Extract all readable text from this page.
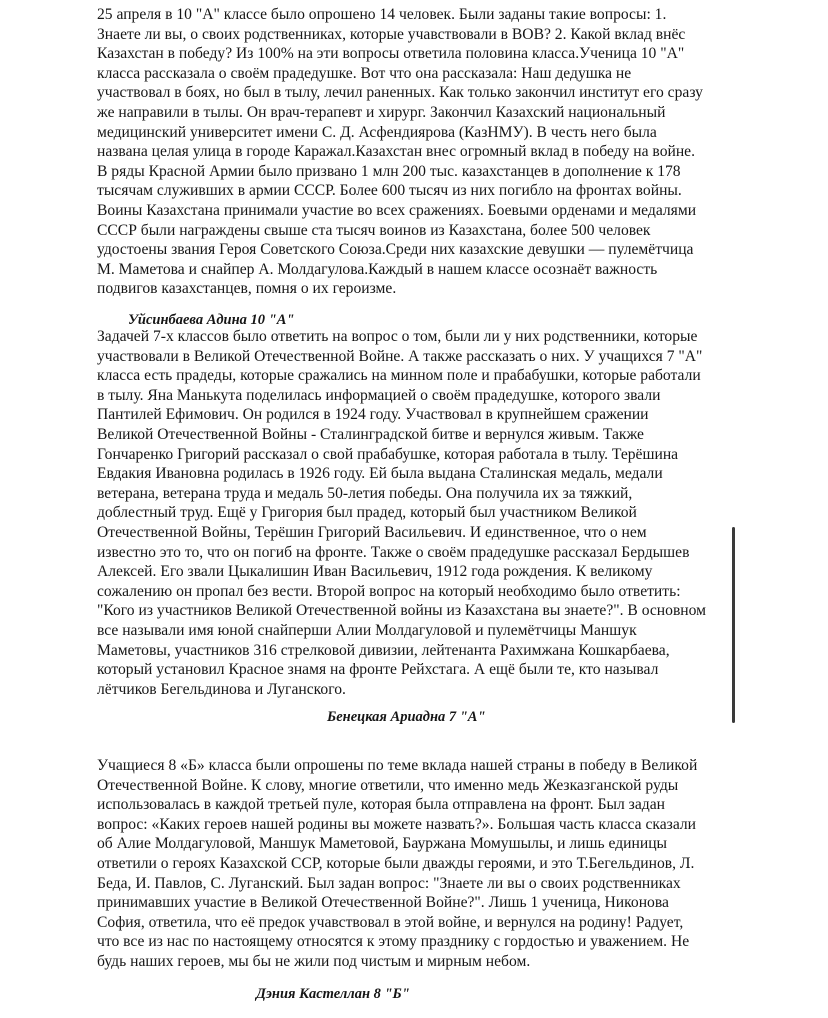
25 апреля в 10 "А" классе было опрошено 14 человек. Были заданы такие вопросы: 1.
Знаете ли вы, о своих родственниках, которые учавствовали в ВОВ? 2. Какой вклад внёс
Казахстан в победу? Из 100% на эти вопросы ответила половина класса.Ученица 10 "А"
класса рассказала о своём прадедушке. Вот что она рассказала: Наш дедушка не
участвовал в боях, но был в тылу, лечил раненных. Как только закончил институт его сразу
же направили в тылы. Он врач-терапевт и хирург. Закончил Казахский национальный
медицинский университет имени С. Д. Асфендиярова (КазНМУ). В честь него была
названа целая улица в городе Каражал.Казахстан внес огромный вклад в победу на войне.
В ряды Красной Армии было призвано 1 млн 200 тыс. казахстанцев в дополнение к 178
тысячам служивших в армии СССР. Более 600 тысяч из них погибло на фронтах войны.
Воины Казахстана принимали участие во всех сражениях. Боевыми орденами и медалями
СССР были награждены свыше ста тысяч воинов из Казахстана, более 500 человек
удостоены звания Героя Советского Союза.Среди них казахские девушки — пулемётчица
М. Маметова и снайпер А. Молдагулова.Каждый в нашем классе осознаёт важность
подвигов казахстанцев, помня о их героизме.
Уйсинбаева Адина 10 "А"
Задачей 7-х классов было ответить на вопрос о том, были ли у них родственники, которые
участвовали в Великой Отечественной Войне. А также рассказать о них. У учащихся 7 "А"
класса есть прадеды, которые сражались на минном поле и прабабушки, которые работали
в тылу. Яна Манькута поделилась информацией о своём прадедушке, которого звали
Пантилей Ефимович. Он родился в 1924 году. Участвовал в крупнейшем сражении
Великой Отечественной Войны - Сталинградской битве и вернулся живым. Также
Гончаренко Григорий рассказал о свой прабабушке, которая работала в тылу. Терёшина
Евдакия Ивановна родилась в 1926 году. Ей была выдана Сталинская медаль, медали
ветерана, ветерана труда и медаль 50-летия победы. Она получила их за тяжкий,
доблестный труд. Ещё у Григория был прадед, который был участником Великой
Отечественной Войны, Терёшин Григорий Васильевич. И единственное, что о нем
известно это то, что он погиб на фронте. Также о своём прадедушке рассказал Бердышев
Алексей. Его звали Цыкалишин Иван Васильевич, 1912 года рождения. К великому
сожалению он пропал без вести. Второй вопрос на который необходимо было ответить:
"Кого из участников Великой Отечественной войны из Казахстана вы знаете?". В основном
все называли имя юной снайперши Алии Молдагуловой и пулемётчицы Маншук
Маметовы, участников 316 стрелковой дивизии, лейтенанта Рахимжана Кошкарбаева,
который установил Красное знамя на фронте Рейхстага. А ещё были те, кто называл
лётчиков Бегельдинова и Луганского.
Бенецкая Ариадна 7 "А"
Учащиеся 8 «Б» класса были опрошены по теме вклада нашей страны в победу в Великой
Отечественной Войне. К слову, многие ответили, что именно медь Жезказганской руды
использовалась в каждой третьей пуле, которая была отправлена на фронт. Был задан
вопрос: «Каких героев нашей родины вы можете назвать?». Большая часть класса сказали
об Алие Молдагуловой, Маншук Маметовой, Бауржана Момушылы, и лишь единицы
ответили о героях Казахской ССР, которые были дважды героями, и это Т.Бегельдинов, Л.
Беда, И. Павлов, С. Луганский. Был задан вопрос: "Знаете ли вы о своих родственниках
принимавших участие в Великой Отечественной Войне?". Лишь 1 ученица, Никонова
София, ответила, что её предок учавствовал в этой войне, и вернулся на родину! Радует,
что все из нас по настоящему относятся к этому празднику с гордостью и уважением. Не
будь наших героев, мы бы не жили под чистым и мирным небом.
Дэния Кастеллан 8 "Б"
